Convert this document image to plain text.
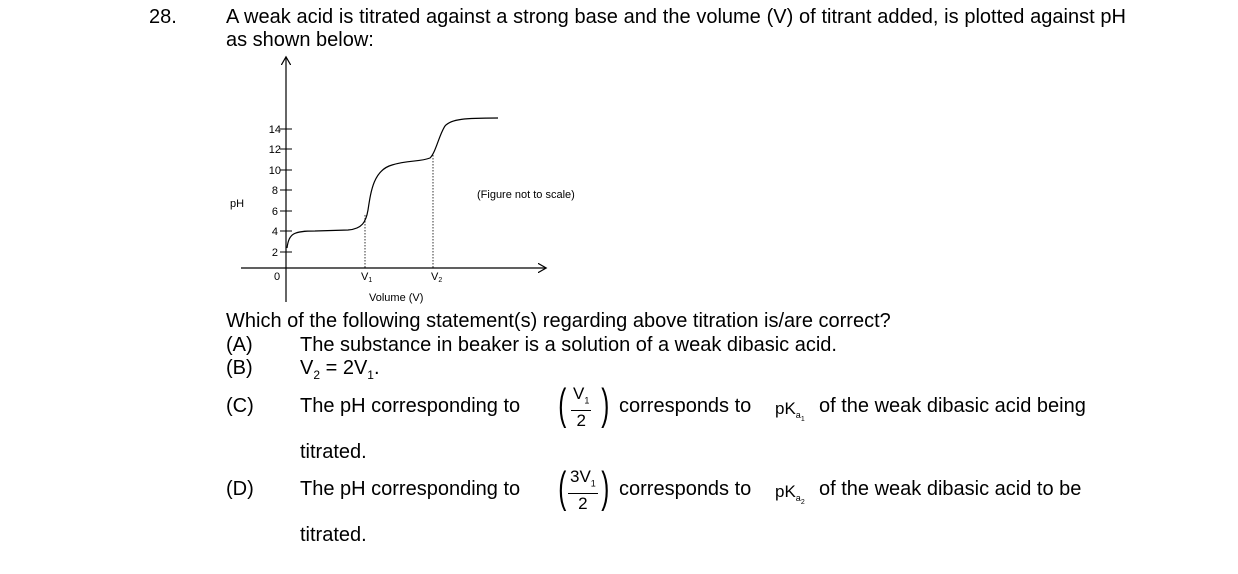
28. A weak acid is titrated against a strong base and the volume (V) of titrant added, is plotted against pH as shown below:
2
4
6
8
10
12
14
pH
0	V1	V2
Volume (V)
(Figure not to scale)
Which of the following statement(s) regarding above titration is/are correct?
(A) The substance in beaker is a solution of a weak dibasic acid.
(B) $V_2 = 2V_1$.
(C) The pH corresponding to ( $\frac{V_1}{2}$ ) corresponds to $pK_{a_1}$
of the weak dibasic acid being
titrated.
(D) The pH corresponding to ( $\frac{3V_1}{2}$ ) corresponds to $pK_{a_2}$
of the weak dibasic acid to be
titrated.
